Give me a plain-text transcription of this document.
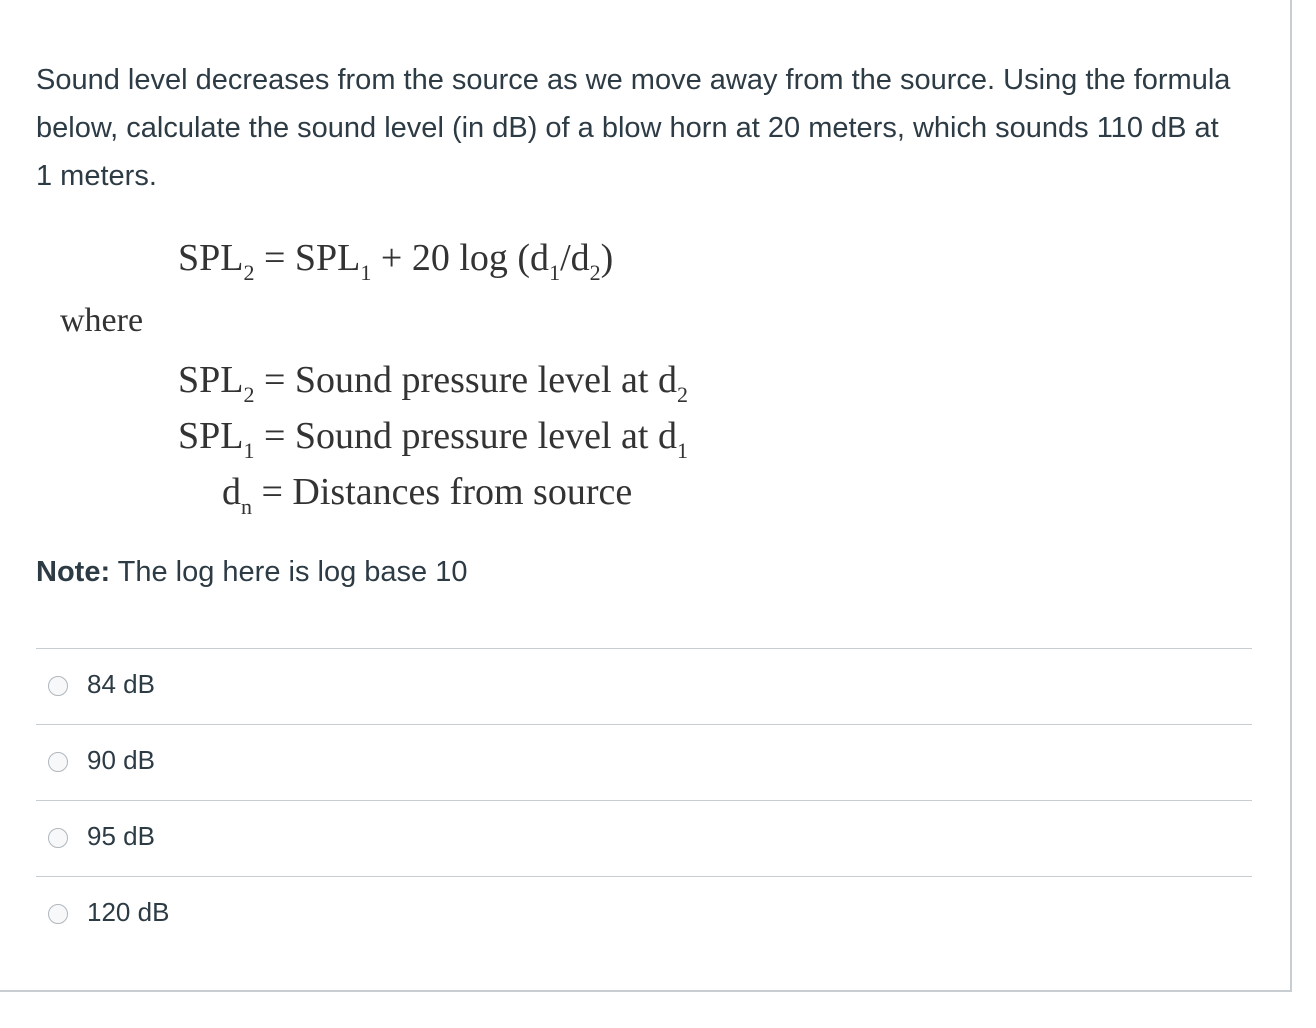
Sound level decreases from the source as we move away from the source. Using the formula below, calculate the sound level (in dB) of a blow horn at 20 meters, which sounds 110 dB at 1 meters.
$SPL_2 = SPL_1 + 20$ $\log (d_1/d_2)$
where
$SPL_2$ = Sound pressure level at $d_2$
$SPL_1$ = Sound pressure level at $d_1$
$d_n$ = Distances from source
Note: The log here is log base 10
84 dB
90 dB
95 dB
120 dB
